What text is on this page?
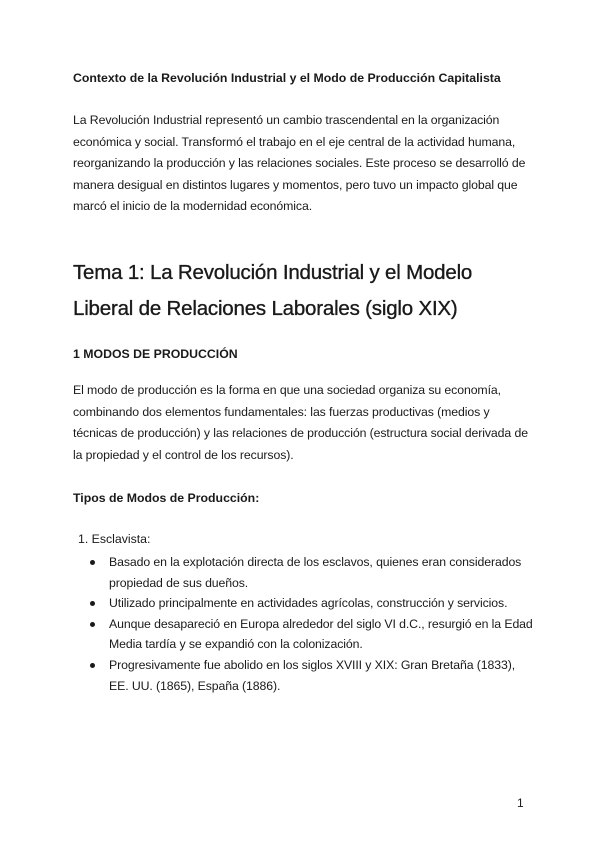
Contexto de la Revolución Industrial y el Modo de Producción Capitalista
La Revolución Industrial representó un cambio trascendental en la organización económica y social. Transformó el trabajo en el eje central de la actividad humana, reorganizando la producción y las relaciones sociales. Este proceso se desarrolló de manera desigual en distintos lugares y momentos, pero tuvo un impacto global que marcó el inicio de la modernidad económica.
Tema 1: La Revolución Industrial y el Modelo Liberal de Relaciones Laborales (siglo XIX)
1 MODOS DE PRODUCCIÓN
El modo de producción es la forma en que una sociedad organiza su economía, combinando dos elementos fundamentales: las fuerzas productivas (medios y técnicas de producción) y las relaciones de producción (estructura social derivada de la propiedad y el control de los recursos).
Tipos de Modos de Producción:
1. Esclavista:
Basado en la explotación directa de los esclavos, quienes eran considerados propiedad de sus dueños.
Utilizado principalmente en actividades agrícolas, construcción y servicios.
Aunque desapareció en Europa alrededor del siglo VI d.C., resurgió en la Edad Media tardía y se expandió con la colonización.
Progresivamente fue abolido en los siglos XVIII y XIX: Gran Bretaña (1833), EE. UU. (1865), España (1886).
1
